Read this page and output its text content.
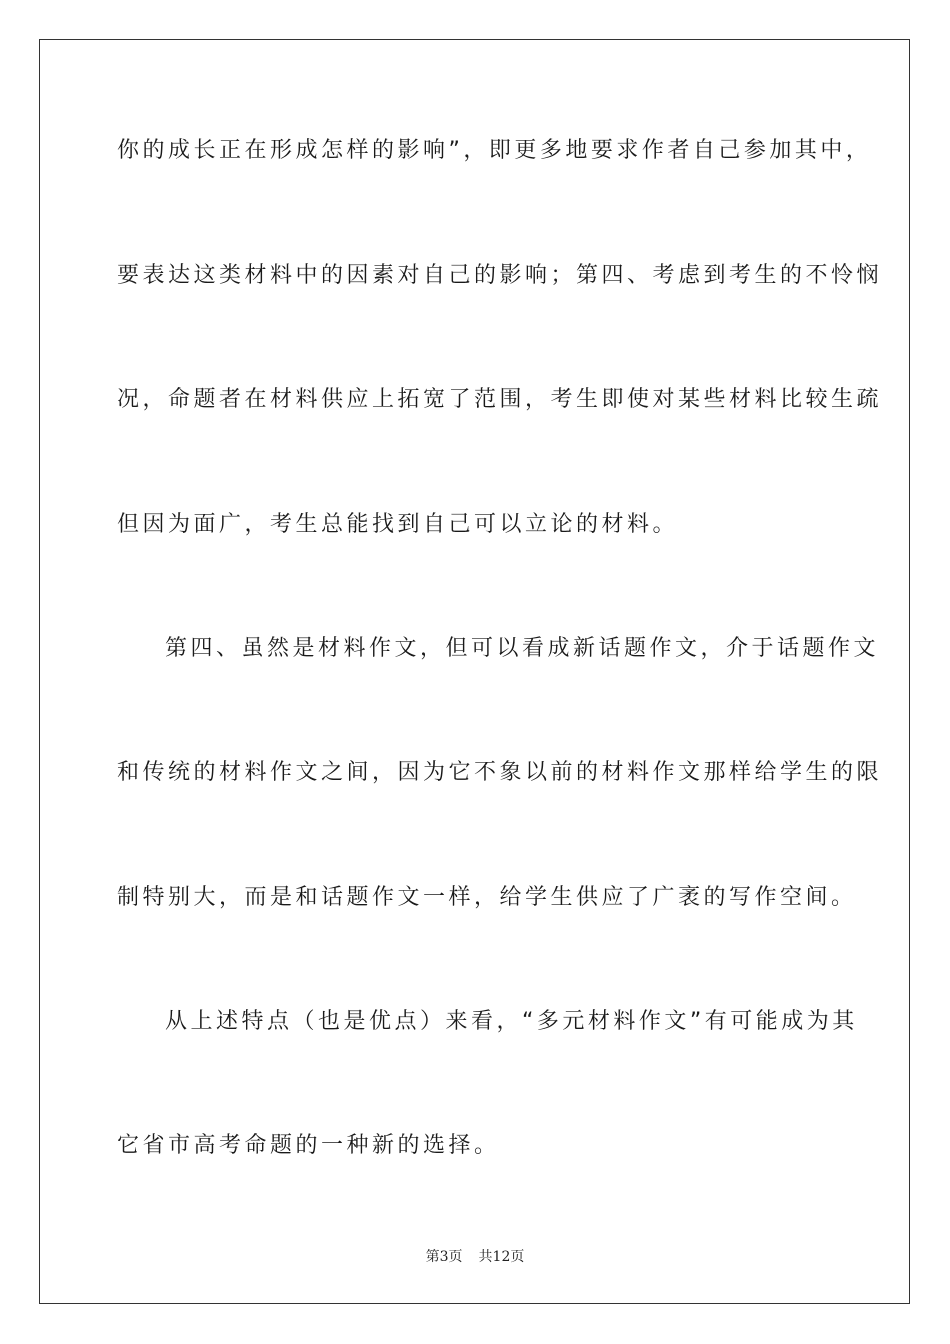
你的成长正在形成怎样的影响”，即更多地要求作者自己参加其中，
要表达这类材料中的因素对自己的影响；第四、考虑到考生的不怜悯
况，命题者在材料供应上拓宽了范围，考生即使对某些材料比较生疏
但因为面广，考生总能找到自己可以立论的材料。
第四、虽然是材料作文，但可以看成新话题作文，介于话题作文
和传统的材料作文之间，因为它不象以前的材料作文那样给学生的限
制特别大，而是和话题作文一样，给学生供应了广袤的写作空间。
从上述特点（也是优点）来看，“多元材料作文”有可能成为其
它省市高考命题的一种新的选择。
第3页 共12页
